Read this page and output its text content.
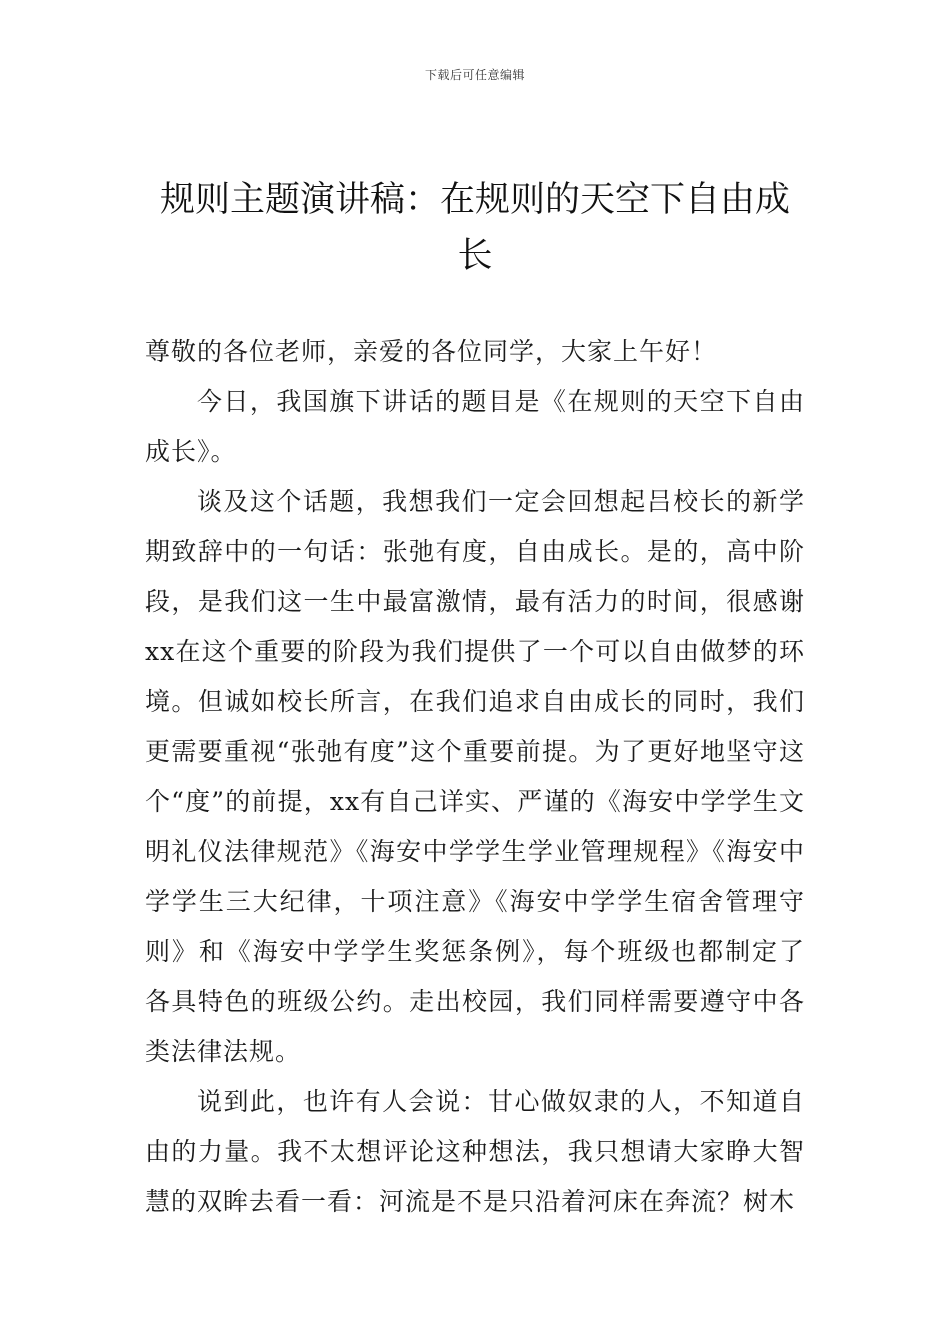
下载后可任意编辑
规则主题演讲稿：在规则的天空下自由成长

尊敬的各位老师，亲爱的各位同学，大家上午好！

今日，我国旗下讲话的题目是《在规则的天空下自由成长》。

谈及这个话题，我想我们一定会回想起吕校长的新学期致辞中的一句话：张弛有度，自由成长。是的，高中阶段，是我们这一生中最富激情，最有活力的时间，很感谢xx在这个重要的阶段为我们提供了一个可以自由做梦的环境。但诚如校长所言，在我们追求自由成长的同时，我们更需要重视“张弛有度”这个重要前提。为了更好地坚守这个“度”的前提，xx有自己详实、严谨的《海安中学学生文明礼仪法律规范》《海安中学学生学业管理规程》《海安中学学生三大纪律，十项注意》《海安中学学生宿舍管理守则》和《海安中学学生奖惩条例》，每个班级也都制定了各具特色的班级公约。走出校园，我们同样需要遵守中各类法律法规。

说到此，也许有人会说：甘心做奴隶的人，不知道自由的力量。我不太想评论这种想法，我只想请大家睁大智慧的双眸去看一看：河流是不是只沿着河床在奔流？树木
